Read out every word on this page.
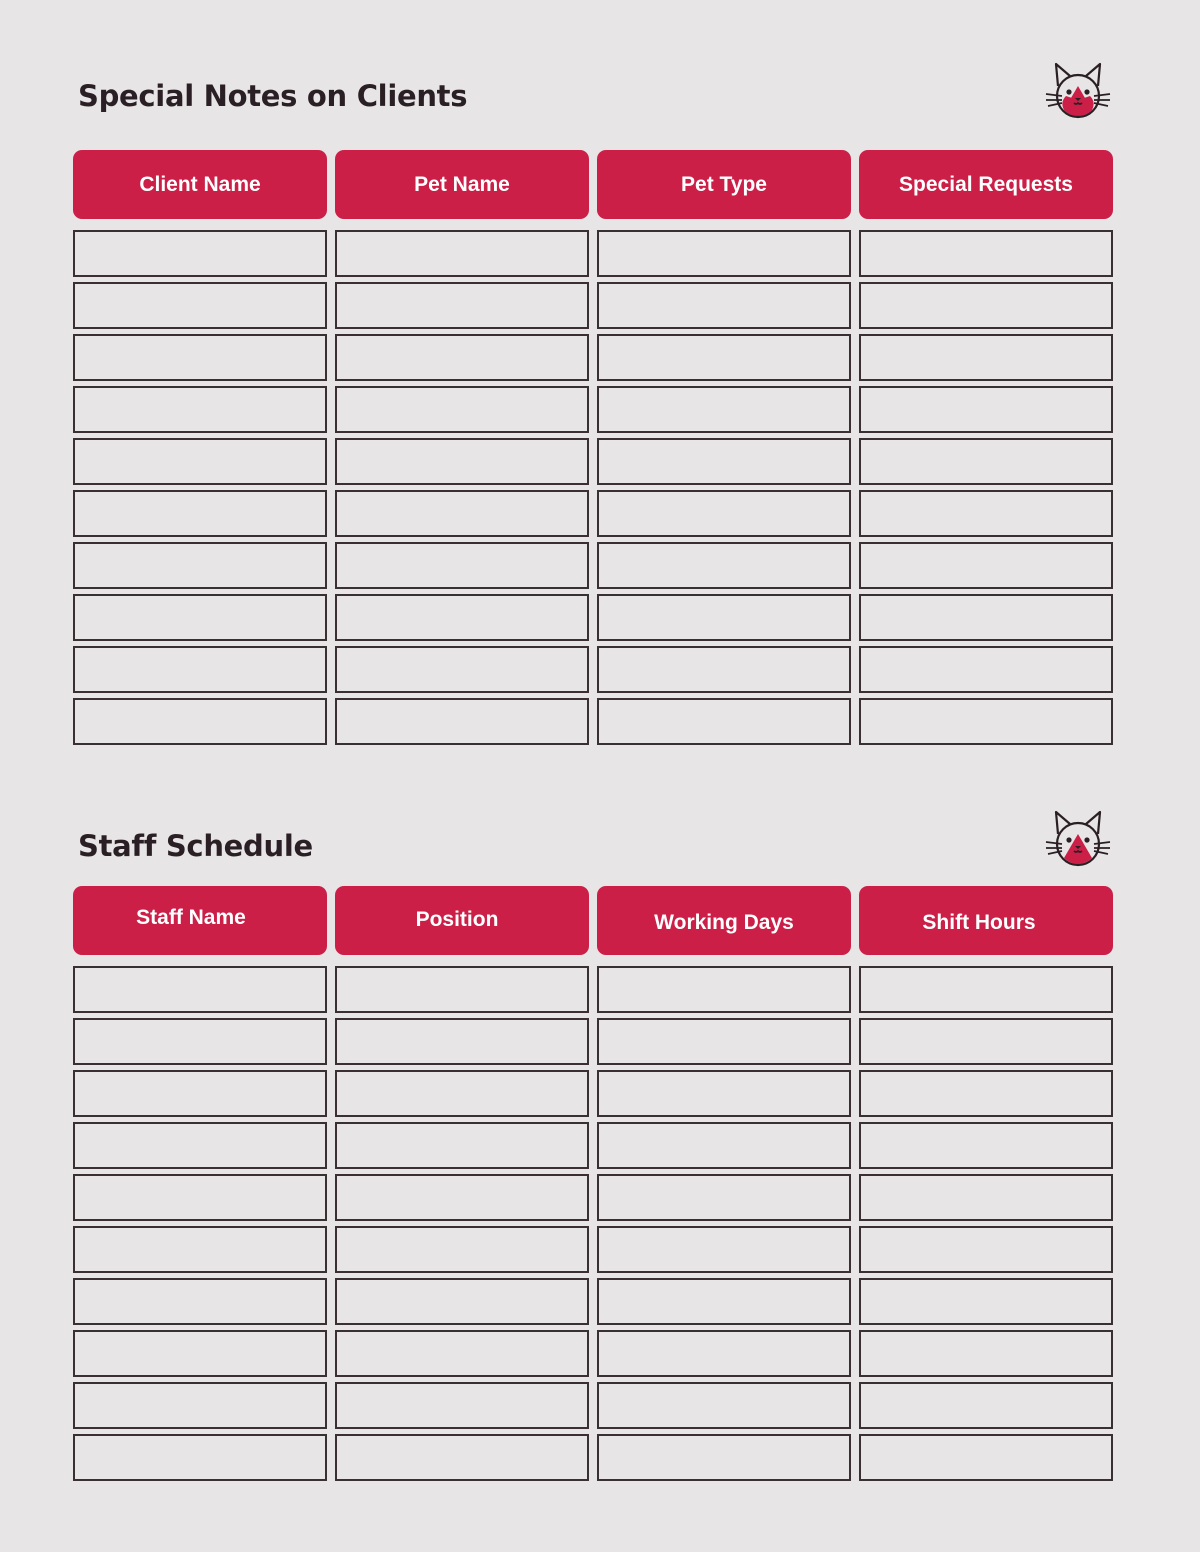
Special Notes on Clients
Client Name	Pet Name	Pet Type	Special Requests
Staff Schedule
Staff Name	Position	Working Days	Shift Hours
